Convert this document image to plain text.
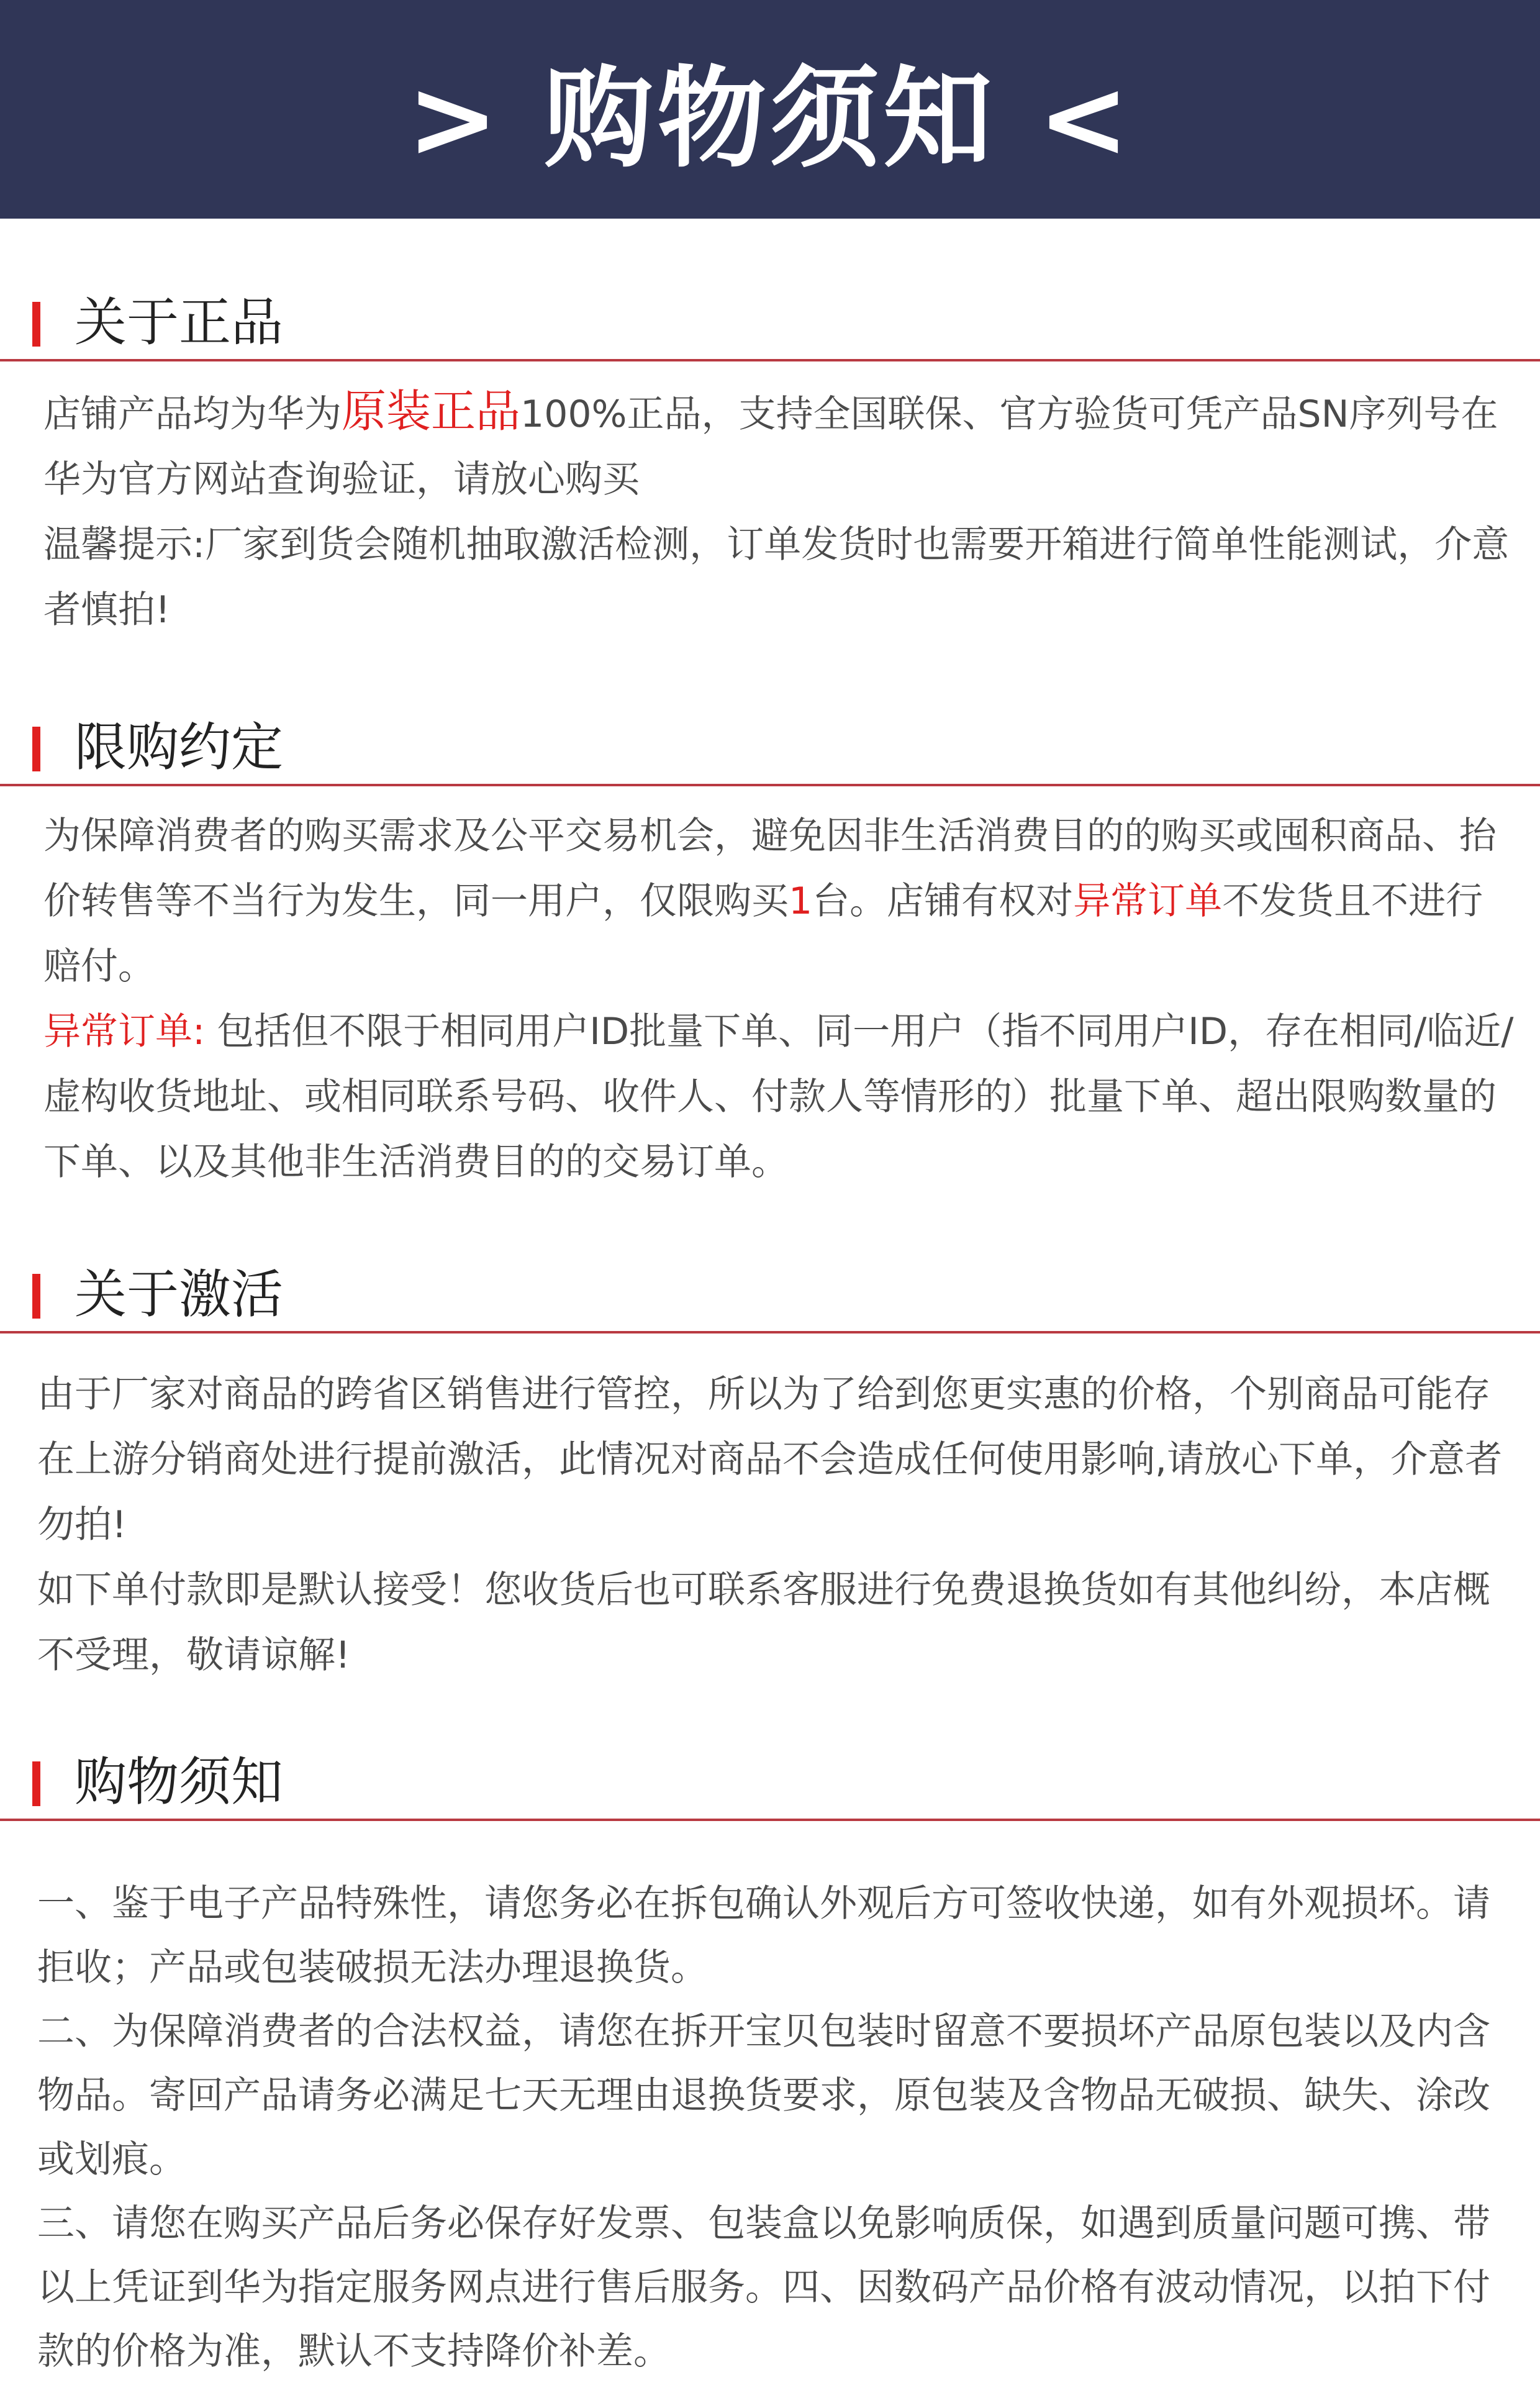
> 购物须知 <
关于正品

店铺产品均为华为原装正品100%正品，支持全国联保、官方验货可凭产品SN序列号在华为官方网站查询验证，请放心购买

温馨提示:厂家到货会随机抽取激活检测，订单发货时也需要开箱进行简单性能测试，介意者慎拍!

限购约定

为保障消费者的购买需求及公平交易机会，避免因非生活消费目的的购买或囤积商品、抬价转售等不当行为发生，同一用户，仅限购买1台。店铺有权对异常订单不发货且不进行赔付。

异常订单: 包括但不限于相同用户ID批量下单、同一用户（指不同用户ID，存在相同/临近/虚构收货地址、或相同联系号码、收件人、付款人等情形的）批量下单、超出限购数量的下单、以及其他非生活消费目的的交易订单。

关于激活

由于厂家对商品的跨省区销售进行管控，所以为了给到您更实惠的价格，个别商品可能存在上游分销商处进行提前激活，此情况对商品不会造成任何使用影响,请放心下单，介意者勿拍!

如下单付款即是默认接受！您收货后也可联系客服进行免费退换货如有其他纠纷，本店概不受理，敬请谅解!

购物须知

一、鉴于电子产品特殊性，请您务必在拆包确认外观后方可签收快递，如有外观损坏。请拒收；产品或包装破损无法办理退换货。

二、为保障消费者的合法权益，请您在拆开宝贝包装时留意不要损坏产品原包装以及内含物品。寄回产品请务必满足七天无理由退换货要求，原包装及含物品无破损、缺失、涂改或划痕。

三、请您在购买产品后务必保存好发票、包装盒以免影响质保，如遇到质量问题可携、带以上凭证到华为指定服务网点进行售后服务。四、因数码产品价格有波动情况，以拍下付款的价格为准，默认不支持降价补差。
